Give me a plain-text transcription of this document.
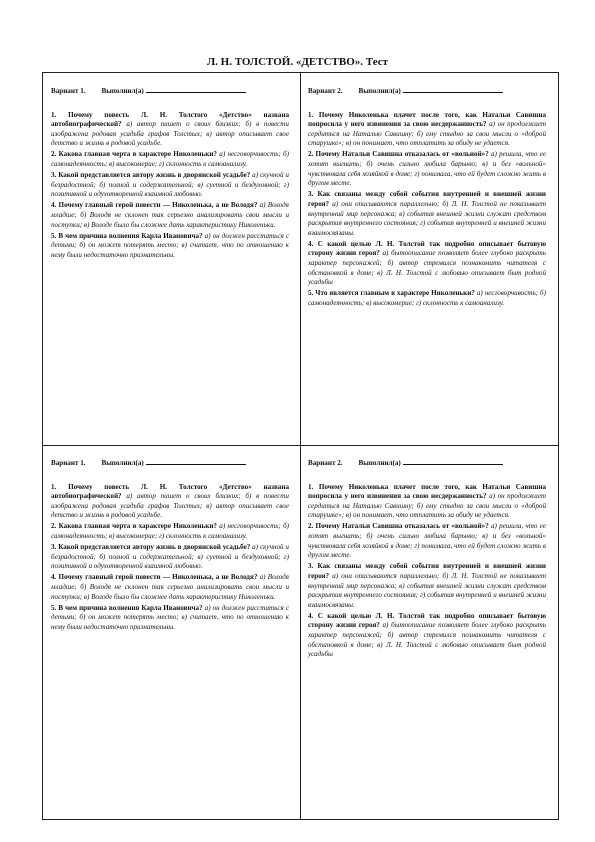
Л. Н. ТОЛСТОЙ. «ДЕТСТВО». Тест
Вариант 1. Выполнил(а)

1. Почему повесть Л. Н. Толстого «Детство» названа автобиографической? а) автор пишет о своих близких; б) в повести изображена родовая усадьба графов Толстых; в) автор описывает свое детство и жизнь в родовой усадьбе.

2. Какова главная черта в характере Николеньки? а) несговорчивость; б) самонадеянность; в) высокомерие; г) склонность к самоанализу.

3. Какой представляется автору жизнь в дворянской усадьбе? а) скучной и безрадостной; б) полной и содержательной; в) суетной и бездуховной; г) позитивной и одухотворенной взаимной любовью.

4. Почему главный герой повести — Николенька, а не Володя? а) Володя младше; б) Володя не склонен так серьезно анализировать свои мысли и поступки; в) Володе было бы сложнее дать характеристику Николеньки.

5. В чем причина волнения Карла Ивановича? а) он должен расстаться с детьми; б) он может потерять место; в) считает, что по отношению к нему были недостаточно признательны.

Вариант 2. Выполнил(а)

1. Почему Николенька плачет после того, как Натальи Савишна попросила у него извинения за свою несдержанность? а) он продолжает сердиться на Наталью Савишну; б) ему стыдно за свои мысли о «доброй старушке»; в) он понимает, что отплатить за обиду не удается.

2. Почему Натальи Савишна отказалась от «вольной»? а) решила, что ее хотят выгнать; б) очень сильно любила барыню; в) и без «вольной» чувствовала себя хозяйкой в доме; г) понимала, что ей будет сложно жить в другом месте.

3. Как связаны между собой события внутренней и внешней жизни героя? а) они описываются параллельно; б) Л. Н. Толстой не показывает внутренний мир персонажа; в) события внешней жизни служат средством раскрытия внутреннего состояния; г) события внутренней и внешней жизни взаимосвязаны.

4. С какой целью Л. Н. Толстой так подробно описывает бытовую сторону жизни героя? а) бытоописание позволяет более глубоко раскрыть характер персонажей; б) автор стремился познакомить читателя с обстановкой в доме; в) Л. Н. Толстой с любовью описывает быт родной усадьбы

5. Что является главным в характере Николеньки? а) несговорчивость; б) самонадеянность; в) высокомерие; г) склонность к самоанализу.

Вариант 1. Выполнил(а)

1. Почему повесть Л. Н. Толстого «Детство» названа автобиографической? а) автор пишет о своих близких; б) в повести изображена родовая усадьба графов Толстых; в) автор описывает свое детство и жизнь в родовой усадьбе.

2. Какова главная черта в характере Николеньки? а) несговорчивость; б) самонадеянность; в) высокомерие; г) склонность к самоанализу.

3. Какой представляется автору жизнь в дворянской усадьбе? а) скучной и безрадостной; б) полной и содержательной; в) суетной и бездуховной; г) позитивной и одухотворенной взаимной любовью.

4. Почему главный герой повести — Николенька, а не Володя? а) Володя младше; б) Володя не склонен так серьезно анализировать свои мысли и поступки; в) Володе было бы сложнее дать характеристику Николеньки.

5. В чем причина волнения Карла Ивановича? а) он должен расстаться с детьми; б) он может потерять место; в) считает, что по отношению к нему были недостаточно признательны.

Вариант 2. Выполнил(а)

1. Почему Николенька плачет после того, как Натальи Савишна попросила у него извинения за свою несдержанность? а) он продолжает сердиться на Наталью Савишну; б) ему стыдно за свои мысли о «доброй старушке»; в) он понимает, что отплатить за обиду не удается.

2. Почему Натальи Савишна отказалась от «вольной»? а) решила, что ее хотят выгнать; б) очень сильно любила барыню; в) и без «вольной» чувствовала себя хозяйкой в доме; г) понимала, что ей будет сложно жить в другом месте.

3. Как связаны между собой события внутренней и внешней жизни героя? а) они описываются параллельно; б) Л. Н. Толстой не показывает внутренний мир персонажа; в) события внешней жизни служат средством раскрытия внутреннего состояния; г) события внутренней и внешней жизни взаимосвязаны.

4. С какой целью Л. Н. Толстой так подробно описывает бытовую сторону жизни героя? а) бытоописание позволяет более глубоко раскрыть характер персонажей; б) автор стремился познакомить читателя с обстановкой в доме; в) Л. Н. Толстой с любовью описывает быт родной усадьбы
